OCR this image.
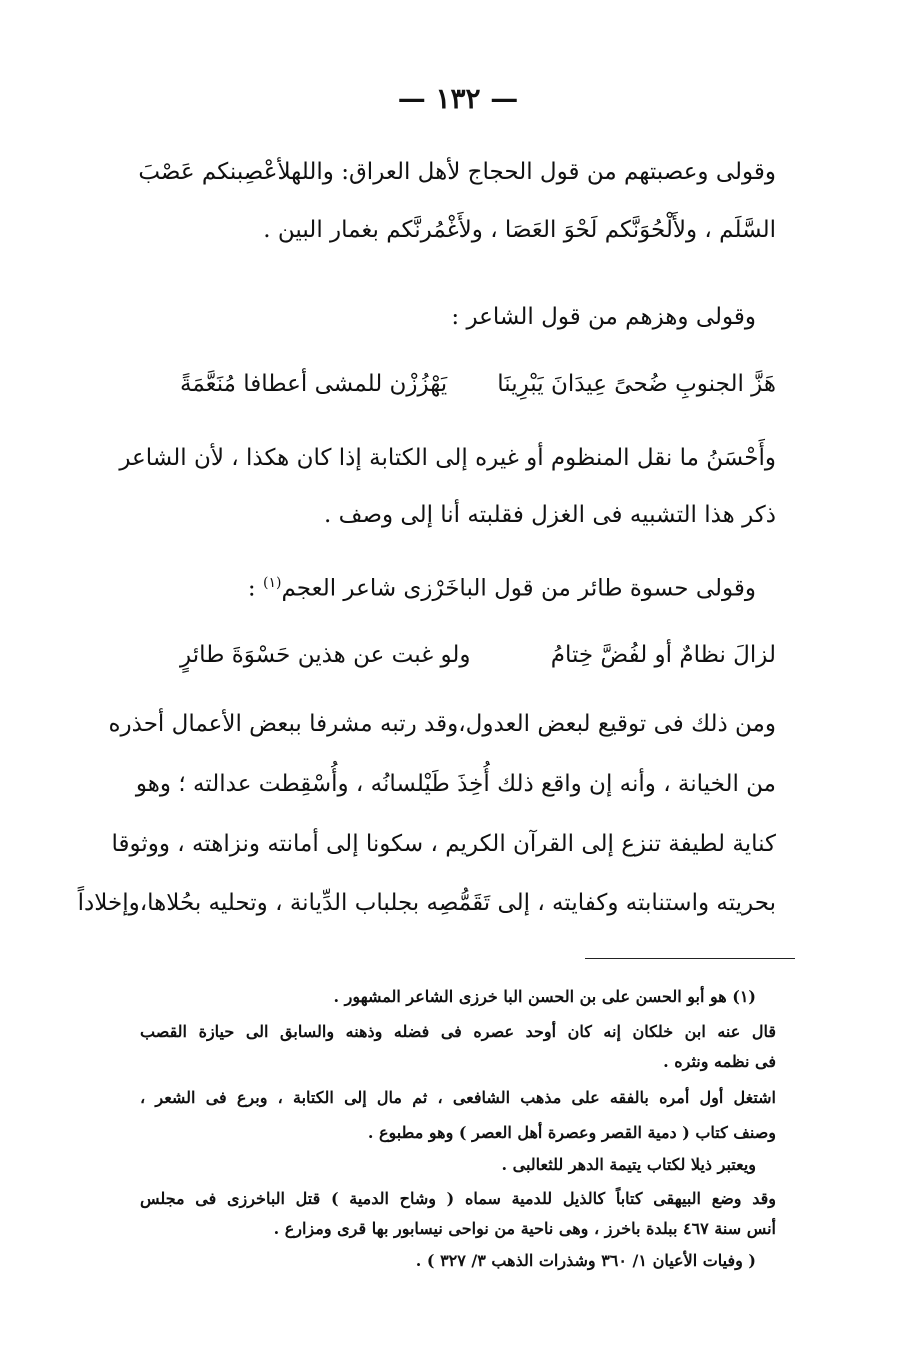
— ١٣٢ —
وقولى وعصبتهم من قول الحجاج لأهل العراق: واللهلأعْصِبنكم عَصْبَ
السَّلَم ، ولأَلْحُوَنَّكم لَحْوَ العَصَا ، ولأَغْمُرنَّكم بغمار البين .
وقولى وهزهم من قول الشاعر :
هَزَّ الجنوبِ ضُحىً عِيدَانَ يَبْرِينَا
يَهْزُزْن للمشى أعطافا مُنَعَّمَةً
وأَحْسَنُ ما نقل المنظوم أو غيره إلى الكتابة إذا كان هكذا ، لأن الشاعر
ذكر هذا التشبيه فى الغزل فقلبته أنا إلى وصف .
وقولى حسوة طائر من قول الباخَرْزى شاعر العجم$^{(١)}$ :
لزالَ نظامٌ أو لفُضَّ خِتامُ
ولو غبت عن هذين حَسْوَةَ طائرٍ
ومن ذلك فى توقيع لبعض العدول،وقد رتبه مشرفا ببعض الأعمال أحذره
من الخيانة ، وأنه إن واقع ذلك أُخِذَ طَيْلسانُه ، وأُسْقِطت عدالته ؛ وهو
كناية لطيفة تنزع إلى القرآن الكريم ، سكونا إلى أمانته ونزاهته ، ووثوقا
بحريته واستنابته وكفايته ، إلى تَقَمُّصِه بجلباب الدِّيانة ، وتحليه بحُلاها،وإخلاداً
(١) هو أبو الحسن على بن الحسن البا خرزى الشاعر المشهور .
قال عنه ابن خلكان إنه كان أوحد عصره فى فضله وذهنه والسابق الى حيازة القصب
فى نظمه ونثره .
اشتغل أول أمره بالفقه على مذهب الشافعى ، ثم مال إلى الكتابة ، وبرع فى الشعر ،
وصنف كتاب ( دمية القصر وعصرة أهل العصر ) وهو مطبوع .
ويعتبر ذيلا لكتاب يتيمة الدهر للثعالبى .
وقد وضع البيهقى كتاباً كالذيل للدمية سماه ( وشاح الدمية ) قتل الباخرزى فى مجلس
أنس سنة ٤٦٧ ببلدة باخرز ، وهى ناحية من نواحى نيسابور بها قرى ومزارع .
( وفيات الأعيان ١/ ٣٦٠ وشذرات الذهب ٣/ ٣٢٧ ) .
